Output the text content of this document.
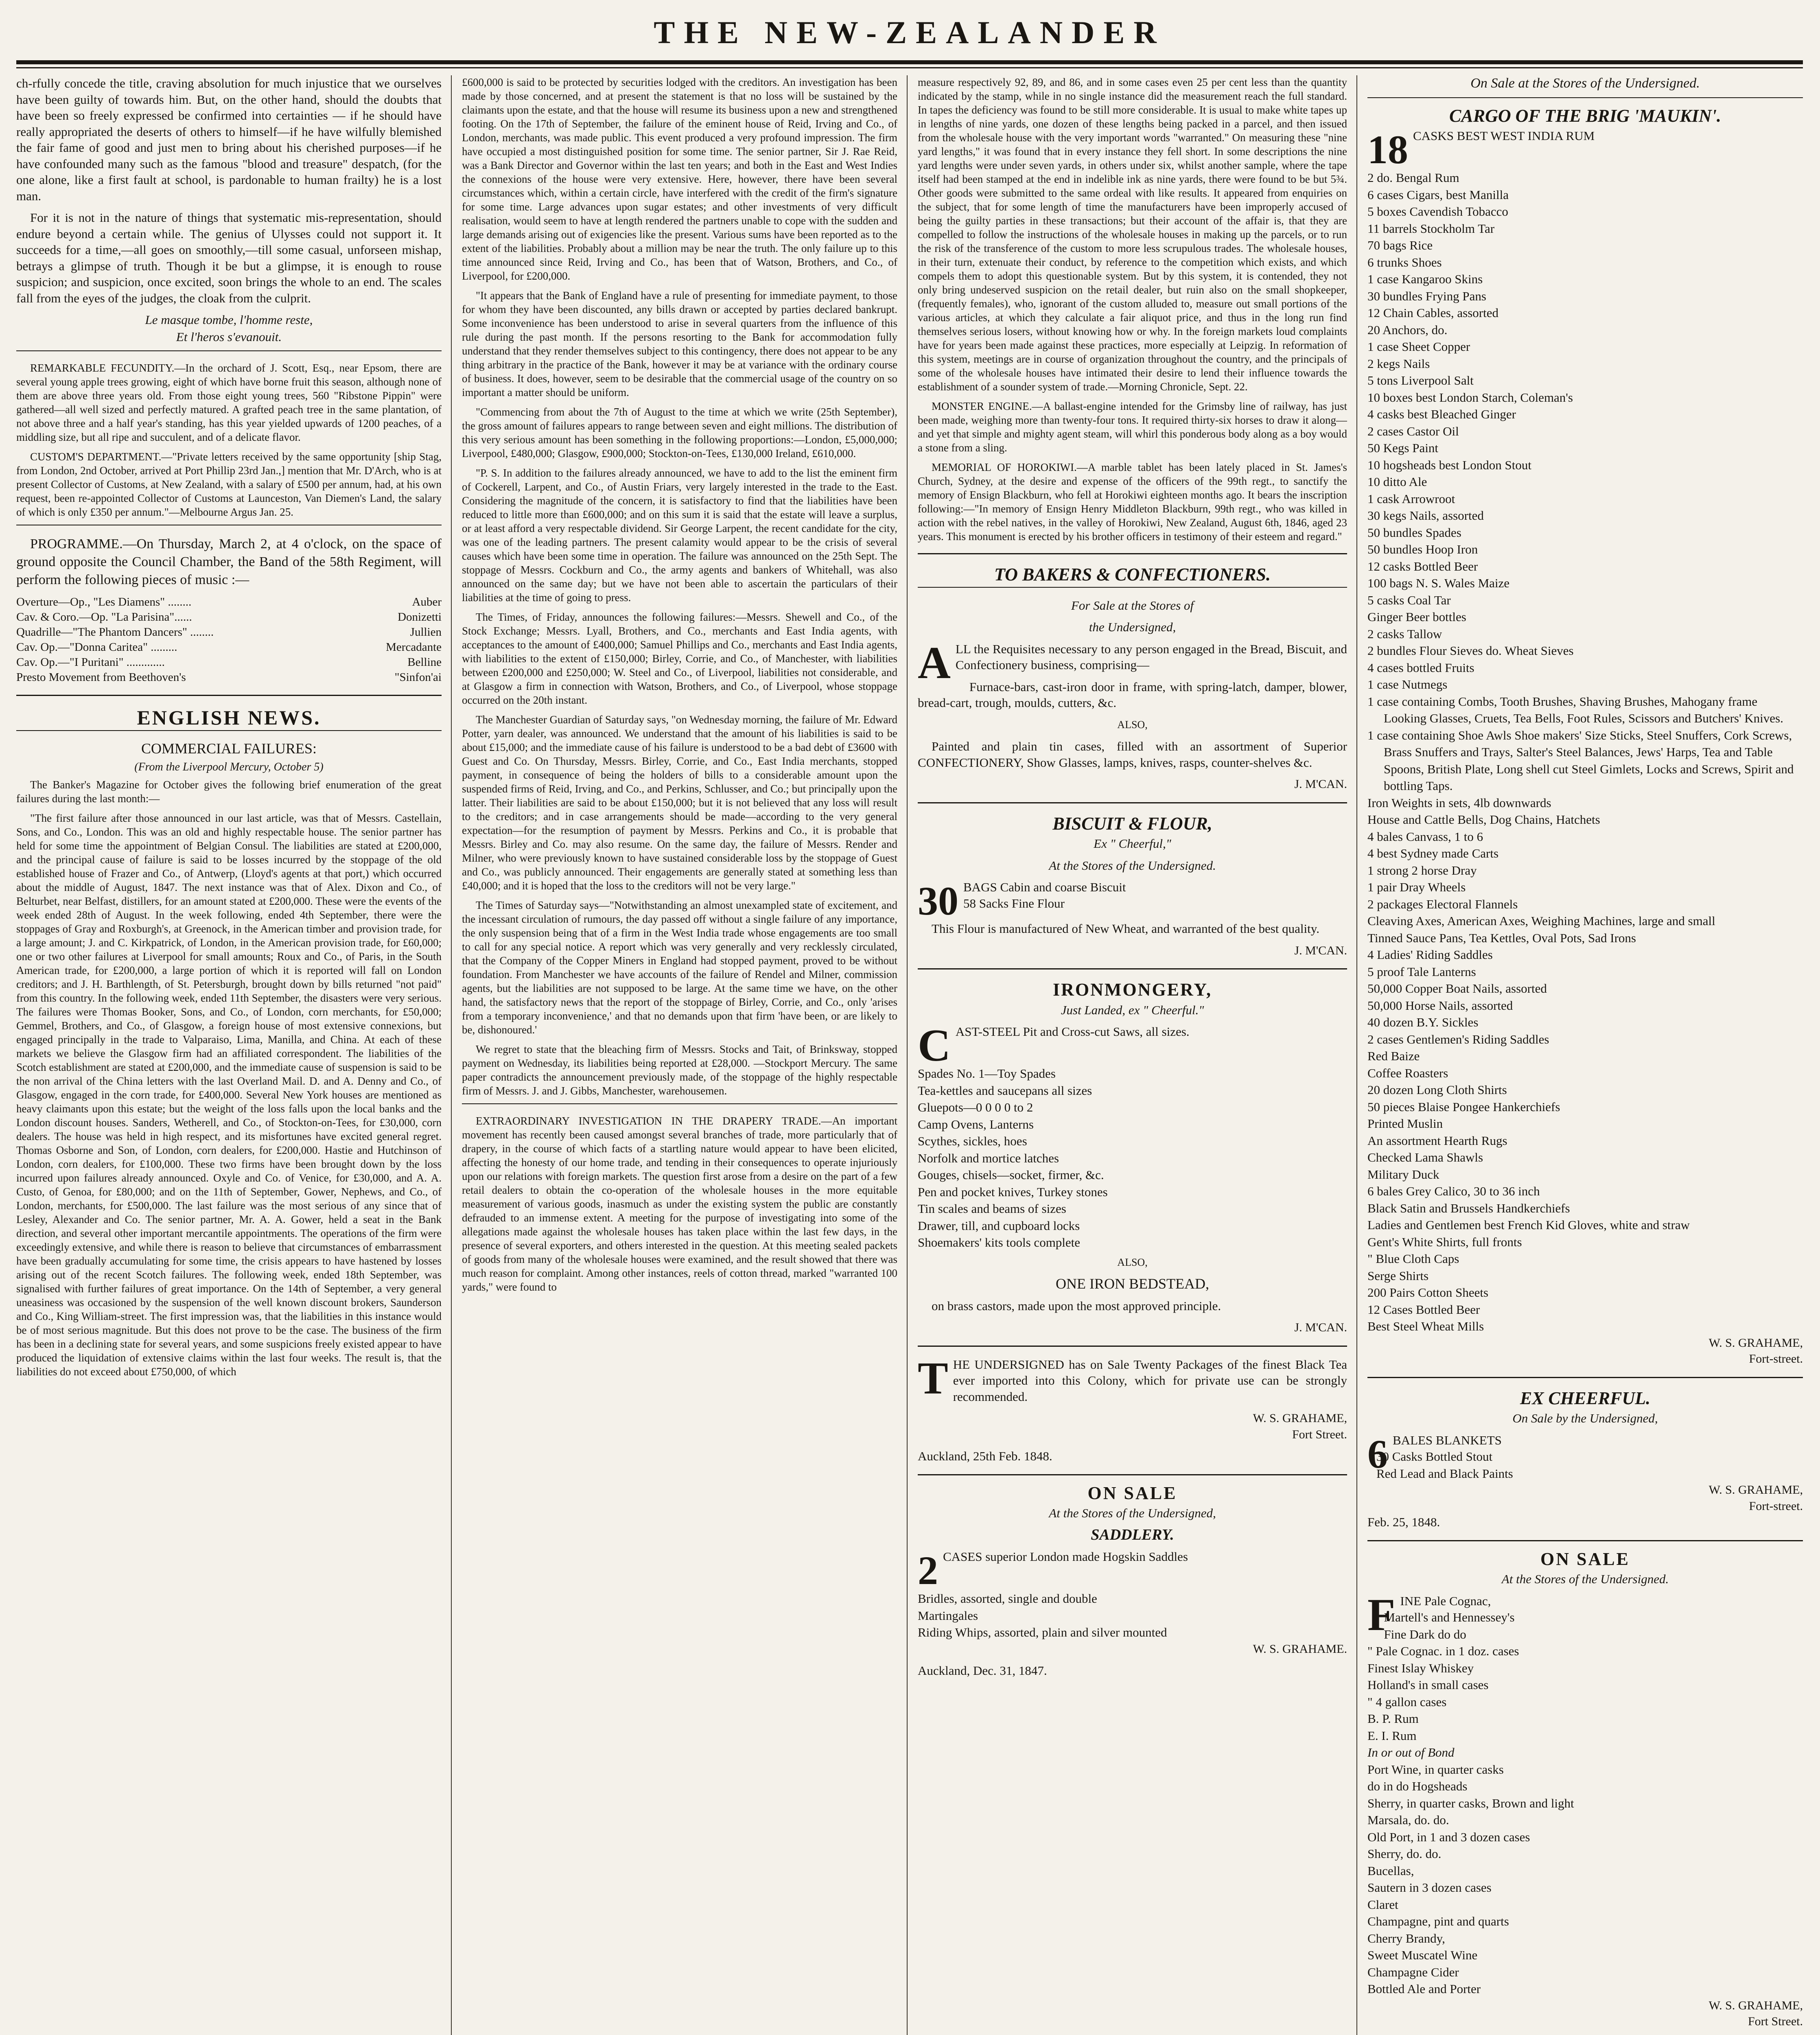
THE NEW-ZEALANDER

ch-rfully concede the title, craving absolution for much injustice that we ourselves have been guilty of towards him. But, on the other hand, should the doubts that have been so freely expressed be confirmed into certainties — if he should have really appropriated the deserts of others to himself—if he have wilfully blemished the fair fame of good and just men to bring about his cherished purposes—if he have confounded many such as the famous "blood and treasure" despatch, (for the one alone, like a first fault at school, is pardonable to human frailty) he is a lost man.

For it is not in the nature of things that systematic mis-representation, should endure beyond a certain while. The genius of Ulysses could not support it. It succeeds for a time,—all goes on smoothly,—till some casual, unforseen mishap, betrays a glimpse of truth. Though it be but a glimpse, it is enough to rouse suspicion; and suspicion, once excited, soon brings the whole to an end. The scales fall from the eyes of the judges, the cloak from the culprit.

Le masque tombe, l'homme reste,

Et l'heros s'evanouit.

REMARKABLE FECUNDITY.—In the orchard of J. Scott, Esq., near Epsom, there are several young apple trees growing, eight of which have borne fruit this season, although none of them are above three years old. From those eight young trees, 560 "Ribstone Pippin" were gathered—all well sized and perfectly matured. A grafted peach tree in the same plantation, of not above three and a half year's standing, has this year yielded upwards of 1200 peaches, of a middling size, but all ripe and succulent, and of a delicate flavor.

CUSTOM'S DEPARTMENT.—"Private letters received by the same opportunity [ship Stag, from London, 2nd October, arrived at Port Phillip 23rd Jan.,] mention that Mr. D'Arch, who is at present Collector of Customs, at New Zealand, with a salary of £500 per annum, had, at his own request, been re-appointed Collector of Customs at Launceston, Van Diemen's Land, the salary of which is only £350 per annum."—Melbourne Argus Jan. 25.

PROGRAMME.—On Thursday, March 2, at 4 o'clock, on the space of ground opposite the Council Chamber, the Band of the 58th Regiment, will perform the following pieces of music :—

Overture—Op., "Les Diamens" ........	Auber
Cav. & Coro.—Op. "La Parisina"......	Donizetti
Quadrille—"The Phantom Dancers" ........	Jullien
Cav. Op.—"Donna Caritea" .........	Mercadante
Cav. Op.—"I Puritani" .............	Belline
Presto Movement from Beethoven's	"Sinfon'ai
ENGLISH NEWS.

COMMERCIAL FAILURES:

(From the Liverpool Mercury, October 5)

The Banker's Magazine for October gives the following brief enumeration of the great failures during the last month:—

"The first failure after those announced in our last article, was that of Messrs. Castellain, Sons, and Co., London. This was an old and highly respectable house. The senior partner has held for some time the appointment of Belgian Consul. The liabilities are stated at £200,000, and the principal cause of failure is said to be losses incurred by the stoppage of the old established house of Frazer and Co., of Antwerp, (Lloyd's agents at that port,) which occurred about the middle of August, 1847. The next instance was that of Alex. Dixon and Co., of Belturbet, near Belfast, distillers, for an amount stated at £200,000. These were the events of the week ended 28th of August. In the week following, ended 4th September, there were the stoppages of Gray and Roxburgh's, at Greenock, in the American timber and provision trade, for a large amount; J. and C. Kirkpatrick, of London, in the American provision trade, for £60,000; one or two other failures at Liverpool for small amounts; Roux and Co., of Paris, in the South American trade, for £200,000, a large portion of which it is reported will fall on London creditors; and J. H. Barthlength, of St. Petersburgh, brought down by bills returned "not paid" from this country. In the following week, ended 11th September, the disasters were very serious. The failures were Thomas Booker, Sons, and Co., of London, corn merchants, for £50,000; Gemmel, Brothers, and Co., of Glasgow, a foreign house of most extensive connexions, but engaged principally in the trade to Valparaiso, Lima, Manilla, and China. At each of these markets we believe the Glasgow firm had an affiliated correspondent. The liabilities of the Scotch establishment are stated at £200,000, and the immediate cause of suspension is said to be the non arrival of the China letters with the last Overland Mail. D. and A. Denny and Co., of Glasgow, engaged in the corn trade, for £400,000. Several New York houses are mentioned as heavy claimants upon this estate; but the weight of the loss falls upon the local banks and the London discount houses. Sanders, Wetherell, and Co., of Stockton-on-Tees, for £30,000, corn dealers. The house was held in high respect, and its misfortunes have excited general regret. Thomas Osborne and Son, of London, corn dealers, for £200,000. Hastie and Hutchinson of London, corn dealers, for £100,000. These two firms have been brought down by the loss incurred upon failures already announced. Oxyle and Co. of Venice, for £30,000, and A. A. Custo, of Genoa, for £80,000; and on the 11th of September, Gower, Nephews, and Co., of London, merchants, for £500,000. The last failure was the most serious of any since that of Lesley, Alexander and Co. The senior partner, Mr. A. A. Gower, held a seat in the Bank direction, and several other important mercantile appointments. The operations of the firm were exceedingly extensive, and while there is reason to believe that circumstances of embarrassment have been gradually accumulating for some time, the crisis appears to have hastened by losses arising out of the recent Scotch failures. The following week, ended 18th September, was signalised with further failures of great importance. On the 14th of September, a very general uneasiness was occasioned by the suspension of the well known discount brokers, Saunderson and Co., King William-street. The first impression was, that the liabilities in this instance would be of most serious magnitude. But this does not prove to be the case. The business of the firm has been in a declining state for several years, and some suspicions freely existed appear to have produced the liquidation of extensive claims within the last four weeks. The result is, that the liabilities do not exceed about £750,000, of which

£600,000 is said to be protected by securities lodged with the creditors. An investigation has been made by those concerned, and at present the statement is that no loss will be sustained by the claimants upon the estate, and that the house will resume its business upon a new and strengthened footing. On the 17th of September, the failure of the eminent house of Reid, Irving and Co., of London, merchants, was made public. This event produced a very profound impression. The firm have occupied a most distinguished position for some time. The senior partner, Sir J. Rae Reid, was a Bank Director and Governor within the last ten years; and both in the East and West Indies the connexions of the house were very extensive. Here, however, there have been several circumstances which, within a certain circle, have interfered with the credit of the firm's signature for some time. Large advances upon sugar estates; and other investments of very difficult realisation, would seem to have at length rendered the partners unable to cope with the sudden and large demands arising out of exigencies like the present. Various sums have been reported as to the extent of the liabilities. Probably about a million may be near the truth. The only failure up to this time announced since Reid, Irving and Co., has been that of Watson, Brothers, and Co., of Liverpool, for £200,000.

"It appears that the Bank of England have a rule of presenting for immediate payment, to those for whom they have been discounted, any bills drawn or accepted by parties declared bankrupt. Some inconvenience has been understood to arise in several quarters from the influence of this rule during the past month. If the persons resorting to the Bank for accommodation fully understand that they render themselves subject to this contingency, there does not appear to be any thing arbitrary in the practice of the Bank, however it may be at variance with the ordinary course of business. It does, however, seem to be desirable that the commercial usage of the country on so important a matter should be uniform.

"Commencing from about the 7th of August to the time at which we write (25th September), the gross amount of failures appears to range between seven and eight millions. The distribution of this very serious amount has been something in the following proportions:—London, £5,000,000; Liverpool, £480,000; Glasgow, £900,000; Stockton-on-Tees, £130,000 Ireland, £610,000.

"P. S. In addition to the failures already announced, we have to add to the list the eminent firm of Cockerell, Larpent, and Co., of Austin Friars, very largely interested in the trade to the East. Considering the magnitude of the concern, it is satisfactory to find that the liabilities have been reduced to little more than £600,000; and on this sum it is said that the estate will leave a surplus, or at least afford a very respectable dividend. Sir George Larpent, the recent candidate for the city, was one of the leading partners. The present calamity would appear to be the crisis of several causes which have been some time in operation. The failure was announced on the 25th Sept. The stoppage of Messrs. Cockburn and Co., the army agents and bankers of Whitehall, was also announced on the same day; but we have not been able to ascertain the particulars of their liabilities at the time of going to press.

The Times, of Friday, announces the following failures:—Messrs. Shewell and Co., of the Stock Exchange; Messrs. Lyall, Brothers, and Co., merchants and East India agents, with acceptances to the amount of £400,000; Samuel Phillips and Co., merchants and East India agents, with liabilities to the extent of £150,000; Birley, Corrie, and Co., of Manchester, with liabilities between £200,000 and £250,000; W. Steel and Co., of Liverpool, liabilities not considerable, and at Glasgow a firm in connection with Watson, Brothers, and Co., of Liverpool, whose stoppage occurred on the 20th instant.

The Manchester Guardian of Saturday says, "on Wednesday morning, the failure of Mr. Edward Potter, yarn dealer, was announced. We understand that the amount of his liabilities is said to be about £15,000; and the immediate cause of his failure is understood to be a bad debt of £3600 with Guest and Co. On Thursday, Messrs. Birley, Corrie, and Co., East India merchants, stopped payment, in consequence of being the holders of bills to a considerable amount upon the suspended firms of Reid, Irving, and Co., and Perkins, Schlusser, and Co.; but principally upon the latter. Their liabilities are said to be about £150,000; but it is not believed that any loss will result to the creditors; and in case arrangements should be made—according to the very general expectation—for the resumption of payment by Messrs. Perkins and Co., it is probable that Messrs. Birley and Co. may also resume. On the same day, the failure of Messrs. Render and Milner, who were previously known to have sustained considerable loss by the stoppage of Guest and Co., was publicly announced. Their engagements are generally stated at something less than £40,000; and it is hoped that the loss to the creditors will not be very large."

The Times of Saturday says—"Notwithstanding an almost unexampled state of excitement, and the incessant circulation of rumours, the day passed off without a single failure of any importance, the only suspension being that of a firm in the West India trade whose engagements are too small to call for any special notice. A report which was very generally and very recklessly circulated, that the Company of the Copper Miners in England had stopped payment, proved to be without foundation. From Manchester we have accounts of the failure of Rendel and Milner, commission agents, but the liabilities are not supposed to be large. At the same time we have, on the other hand, the satisfactory news that the report of the stoppage of Birley, Corrie, and Co., only 'arises from a temporary inconvenience,' and that no demands upon that firm 'have been, or are likely to be, dishonoured.'

We regret to state that the bleaching firm of Messrs. Stocks and Tait, of Brinksway, stopped payment on Wednesday, its liabilities being reported at £28,000. —Stockport Mercury. The same paper contradicts the announcement previously made, of the stoppage of the highly respectable firm of Messrs. J. and J. Gibbs, Manchester, warehousemen.

EXTRAORDINARY INVESTIGATION IN THE DRAPERY TRADE.—An important movement has recently been caused amongst several branches of trade, more particularly that of drapery, in the course of which facts of a startling nature would appear to have been elicited, affecting the honesty of our home trade, and tending in their consequences to operate injuriously upon our relations with foreign markets. The question first arose from a desire on the part of a few retail dealers to obtain the co-operation of the wholesale houses in the more equitable measurement of various goods, inasmuch as under the existing system the public are constantly defrauded to an immense extent. A meeting for the purpose of investigating into some of the allegations made against the wholesale houses has taken place within the last few days, in the presence of several exporters, and others interested in the question. At this meeting sealed packets of goods from many of the wholesale houses were examined, and the result showed that there was much reason for complaint. Among other instances, reels of cotton thread, marked "warranted 100 yards," were found to

measure respectively 92, 89, and 86, and in some cases even 25 per cent less than the quantity indicated by the stamp, while in no single instance did the measurement reach the full standard. In tapes the deficiency was found to be still more considerable. It is usual to make white tapes up in lengths of nine yards, one dozen of these lengths being packed in a parcel, and then issued from the wholesale house with the very important words "warranted." On measuring these "nine yard lengths," it was found that in every instance they fell short. In some descriptions the nine yard lengths were under seven yards, in others under six, whilst another sample, where the tape itself had been stamped at the end in indelible ink as nine yards, there were found to be but 5¾. Other goods were submitted to the same ordeal with like results. It appeared from enquiries on the subject, that for some length of time the manufacturers have been improperly accused of being the guilty parties in these transactions; but their account of the affair is, that they are compelled to follow the instructions of the wholesale houses in making up the parcels, or to run the risk of the transference of the custom to more less scrupulous trades. The wholesale houses, in their turn, extenuate their conduct, by reference to the competition which exists, and which compels them to adopt this questionable system. But by this system, it is contended, they not only bring undeserved suspicion on the retail dealer, but ruin also on the small shopkeeper, (frequently females), who, ignorant of the custom alluded to, measure out small portions of the various articles, at which they calculate a fair aliquot price, and thus in the long run find themselves serious losers, without knowing how or why. In the foreign markets loud complaints have for years been made against these practices, more especially at Leipzig. In reformation of this system, meetings are in course of organization throughout the country, and the principals of some of the wholesale houses have intimated their desire to lend their influence towards the establishment of a sounder system of trade.—Morning Chronicle, Sept. 22.

MONSTER ENGINE.—A ballast-engine intended for the Grimsby line of railway, has just been made, weighing more than twenty-four tons. It required thirty-six horses to draw it along—and yet that simple and mighty agent steam, will whirl this ponderous body along as a boy would a stone from a sling.

MEMORIAL OF HOROKIWI.—A marble tablet has been lately placed in St. James's Church, Sydney, at the desire and expense of the officers of the 99th regt., to sanctify the memory of Ensign Blackburn, who fell at Horokiwi eighteen months ago. It bears the inscription following:—"In memory of Ensign Henry Middleton Blackburn, 99th regt., who was killed in action with the rebel natives, in the valley of Horokiwi, New Zealand, August 6th, 1846, aged 23 years. This monument is erected by his brother officers in testimony of their esteem and regard."

TO BAKERS & CONFECTIONERS.

For Sale at the Stores of

the Undersigned,

ALL the Requisites necessary to any person engaged in the Bread, Biscuit, and Confectionery business, comprising—

Furnace-bars, cast-iron door in frame, with spring-latch, damper, blower, bread-cart, trough, moulds, cutters, &c.

ALSO,

Painted and plain tin cases, filled with an assortment of Superior CONFECTIONERY, Show Glasses, lamps, knives, rasps, counter-shelves &c.

J. M'CAN.

BISCUIT & FLOUR,

Ex " Cheerful,"

At the Stores of the Undersigned.

30 BAGS Cabin and coarse Biscuit
58 Sacks Fine Flour

This Flour is manufactured of New Wheat, and warranted of the best quality.

J. M'CAN.

IRONMONGERY,

Just Landed, ex " Cheerful."

CAST-STEEL Pit and Cross-cut Saws, all sizes.

Spades No. 1—Toy Spades
Tea-kettles and saucepans all sizes
Gluepots—0 0 0 0 to 2
Camp Ovens, Lanterns
Scythes, sickles, hoes
Norfolk and mortice latches
Gouges, chisels—socket, firmer, &c.
Pen and pocket knives, Turkey stones
Tin scales and beams of sizes
Drawer, till, and cupboard locks
Shoemakers' kits tools complete

ALSO,

ONE IRON BEDSTEAD,

on brass castors, made upon the most approved principle.

J. M'CAN.

THE UNDERSIGNED has on Sale Twenty Packages of the finest Black Tea ever imported into this Colony, which for private use can be strongly recommended.

W. S. GRAHAME,

Fort Street.

Auckland, 25th Feb. 1848.

ON SALE

At the Stores of the Undersigned,

SADDLERY.

2 CASES superior London made Hogskin Saddles

Bridles, assorted, single and double
Martingales
Riding Whips, assorted, plain and silver mounted

W. S. GRAHAME.

Auckland, Dec. 31, 1847.

On Sale at the Stores of the Undersigned.

CARGO OF THE BRIG 'MAUKIN'.

18 CASKS BEST WEST INDIA RUM

2 do. Bengal Rum
6 cases Cigars, best Manilla
5 boxes Cavendish Tobacco
11 barrels Stockholm Tar
70 bags Rice
6 trunks Shoes
1 case Kangaroo Skins
30 bundles Frying Pans
12 Chain Cables, assorted
20 Anchors, do.
1 case Sheet Copper
2 kegs Nails
5 tons Liverpool Salt
10 boxes best London Starch, Coleman's
4 casks best Bleached Ginger
2 cases Castor Oil
50 Kegs Paint
10 hogsheads best London Stout
10 ditto Ale
1 cask Arrowroot
30 kegs Nails, assorted
50 bundles Spades
50 bundles Hoop Iron
12 casks Bottled Beer
100 bags N. S. Wales Maize
5 casks Coal Tar
Ginger Beer bottles
2 casks Tallow
2 bundles Flour Sieves do. Wheat Sieves
4 cases bottled Fruits
1 case Nutmegs
1 case containing Combs, Tooth Brushes, Shaving Brushes, Mahogany frame Looking Glasses, Cruets, Tea Bells, Foot Rules, Scissors and Butchers' Knives.
1 case containing Shoe Awls Shoe makers' Size Sticks, Steel Snuffers, Cork Screws, Brass Snuffers and Trays, Salter's Steel Balances, Jews' Harps, Tea and Table Spoons, British Plate, Long shell cut Steel Gimlets, Locks and Screws, Spirit and bottling Taps.
Iron Weights in sets, 4lb downwards
House and Cattle Bells, Dog Chains, Hatchets
4 bales Canvass, 1 to 6
4 best Sydney made Carts
1 strong 2 horse Dray
1 pair Dray Wheels
2 packages Electoral Flannels
Cleaving Axes, American Axes, Weighing Machines, large and small
Tinned Sauce Pans, Tea Kettles, Oval Pots, Sad Irons
4 Ladies' Riding Saddles
5 proof Tale Lanterns
50,000 Copper Boat Nails, assorted
50,000 Horse Nails, assorted
40 dozen B.Y. Sickles
2 cases Gentlemen's Riding Saddles
Red Baize
Coffee Roasters
20 dozen Long Cloth Shirts
50 pieces Blaise Pongee Hankerchiefs
Printed Muslin
An assortment Hearth Rugs
Checked Lama Shawls
Military Duck
6 bales Grey Calico, 30 to 36 inch
Black Satin and Brussels Handkerchiefs
Ladies and Gentlemen best French Kid Gloves, white and straw
Gent's White Shirts, full fronts
" Blue Cloth Caps
Serge Shirts
200 Pairs Cotton Sheets
12 Cases Bottled Beer
Best Steel Wheat Mills

W. S. GRAHAME,

Fort-street.

EX CHEERFUL.

On Sale by the Undersigned,

6 BALES BLANKETS

30 Casks Bottled Stout
Red Lead and Black Paints

W. S. GRAHAME,

Fort-street.

Feb. 25, 1848.

ON SALE

At the Stores of the Undersigned.

FINE Pale Cognac,

Martell's and Hennessey's
Fine Dark do do
" Pale Cognac. in 1 doz. cases
Finest Islay Whiskey
Holland's in small cases
" 4 gallon cases
B. P. Rum
E. I. Rum
In or out of Bond
Port Wine, in quarter casks
do in do Hogsheads
Sherry, in quarter casks, Brown and light
Marsala, do. do.
Old Port, in 1 and 3 dozen cases
Sherry, do. do.
Bucellas,
Sautern in 3 dozen cases
Claret
Champagne, pint and quarts
Cherry Brandy,
Sweet Muscatel Wine
Champagne Cider
Bottled Ale and Porter

W. S. GRAHAME,

Fort Street.
